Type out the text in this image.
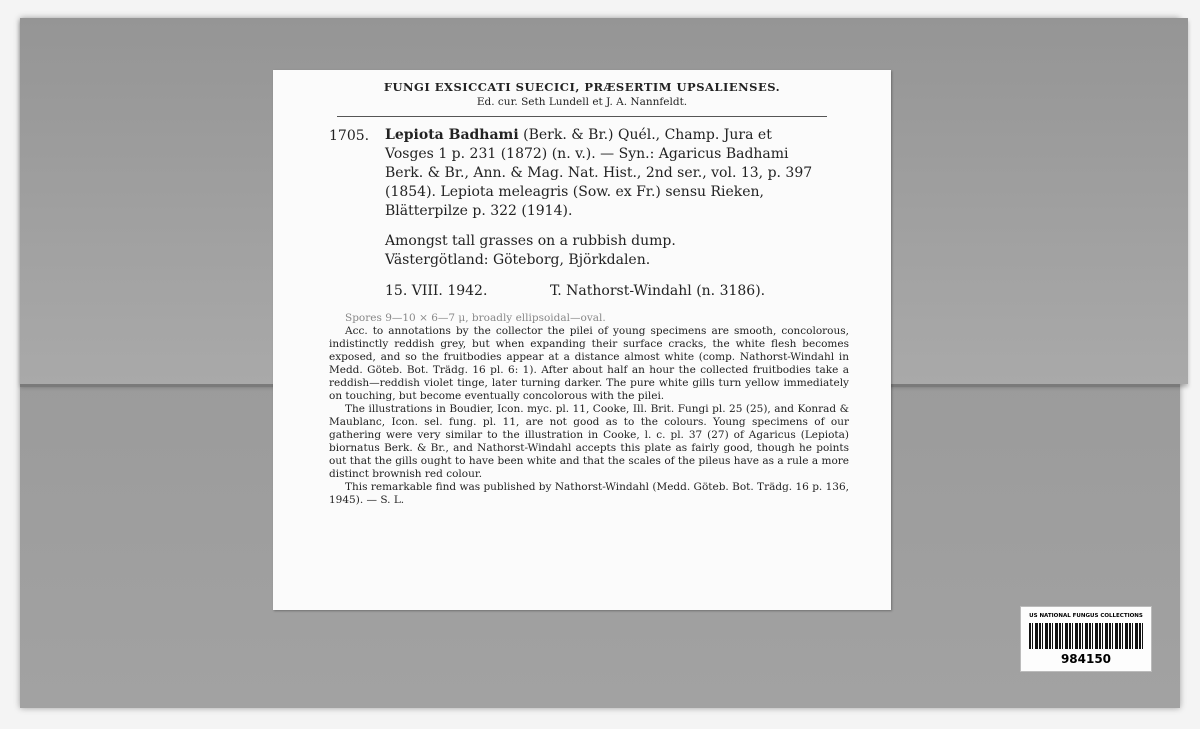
FUNGI EXSICCATI SUECICI, PRÆSERTIM UPSALIENSES.
Ed. cur. Seth Lundell et J. A. Nannfeldt.
1705. Lepiota Badhami (Berk. & Br.) Quél., Champ. Jura et Vosges 1 p. 231 (1872) (n. v.). — Syn.: Agaricus Badhami Berk. & Br., Ann. & Mag. Nat. Hist., 2nd ser., vol. 13, p. 397 (1854). Lepiota meleagris (Sow. ex Fr.) sensu Rieken, Blätterpilze p. 322 (1914).
Amongst tall grasses on a rubbish dump.
Västergötland: Göteborg, Björkdalen.
15. VIII. 1942.	T. Nathorst-Windahl (n. 3186).

Spores 9—10 × 6—7 μ, broadly ellipsoidal—oval.

Acc. to annotations by the collector the pilei of young specimens are smooth, concolorous, indistinctly reddish grey, but when expanding their surface cracks, the white flesh becomes exposed, and so the fruitbodies appear at a distance almost white (comp. Nathorst-Windahl in Medd. Göteb. Bot. Trädg. 16 pl. 6: 1). After about half an hour the collected fruitbodies take a reddish—reddish violet tinge, later turning darker. The pure white gills turn yellow immediately on touching, but become eventually concolorous with the pilei.

The illustrations in Boudier, Icon. myc. pl. 11, Cooke, Ill. Brit. Fungi pl. 25 (25), and Konrad & Maublanc, Icon. sel. fung. pl. 11, are not good as to the colours. Young specimens of our gathering were very similar to the illustration in Cooke, l. c. pl. 37 (27) of Agaricus (Lepiota) biornatus Berk. & Br., and Nathorst-Windahl accepts this plate as fairly good, though he points out that the gills ought to have been white and that the scales of the pileus have as a rule a more distinct brownish red colour.

This remarkable find was published by Nathorst-Windahl (Medd. Göteb. Bot. Trädg. 16 p. 136, 1945). — S. L.

US NATIONAL FUNGUS COLLECTIONS
984150
